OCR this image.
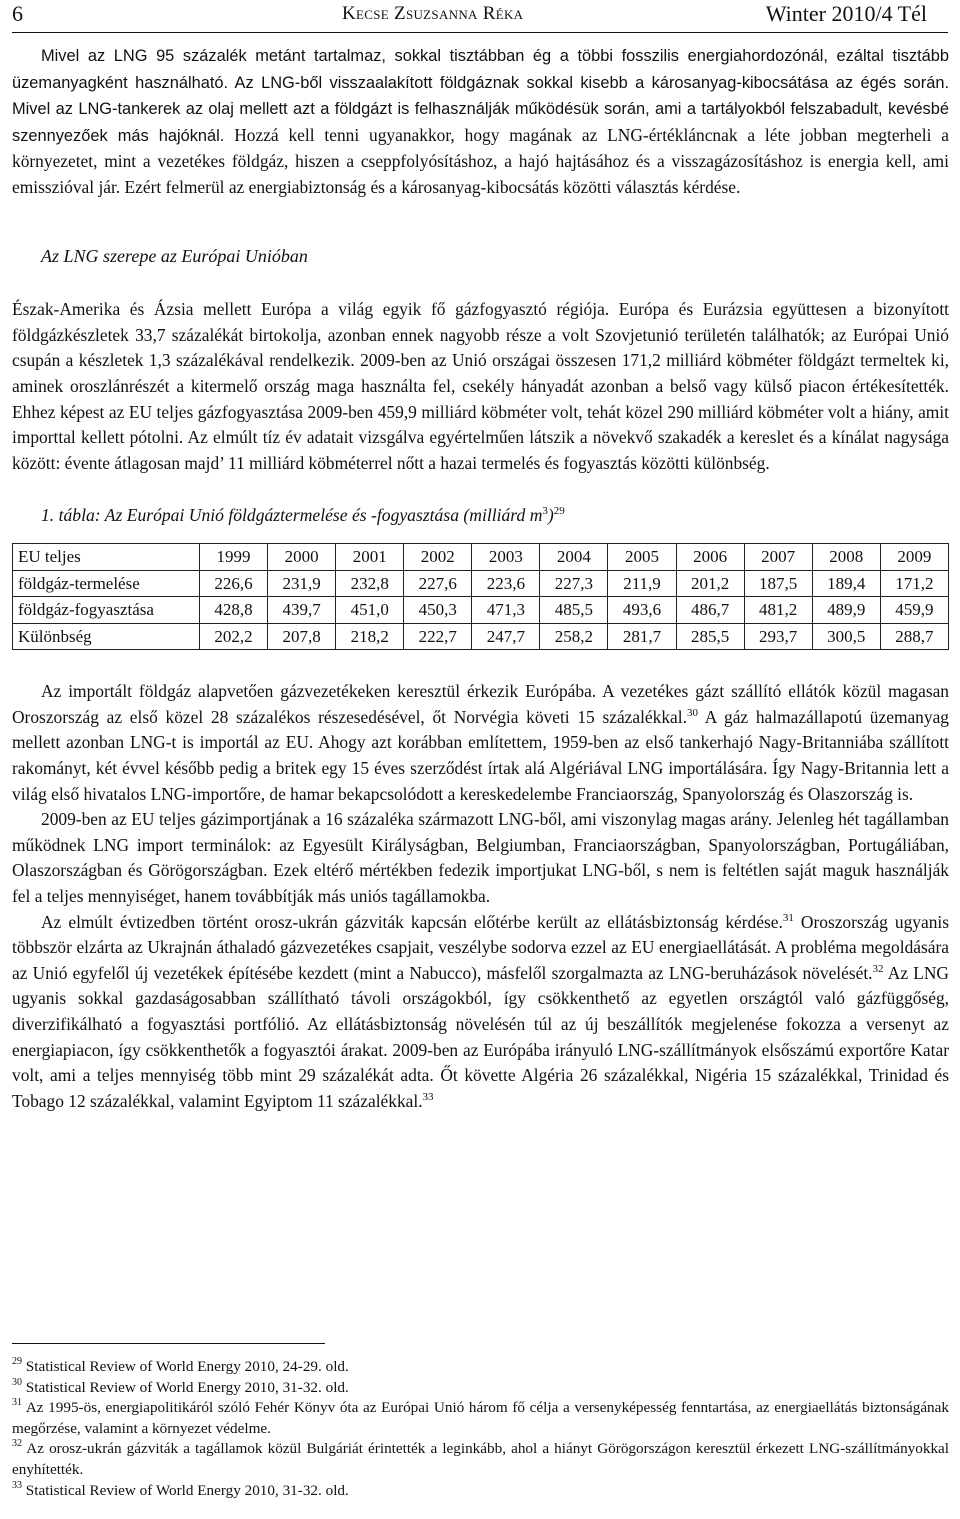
6	Kecse Zsuzsanna Réka	Winter 2010/4 Tél

Mivel az LNG 95 százalék metánt tartalmaz, sokkal tisztábban ég a többi fosszilis energiahordozónál, ezáltal tisztább üzemanyagként használható. Az LNG-ből visszaalakított földgáznak sokkal kisebb a károsanyag-kibocsátása az égés során. Mivel az LNG-tankerek az olaj mellett azt a földgázt is felhasználják működésük során, ami a tartályokból felszabadult, kevésbé szennyezőek más hajóknál. Hozzá kell tenni ugyanakkor, hogy magának az LNG-értékláncnak a léte jobban megterheli a környezetet, mint a vezetékes földgáz, hiszen a cseppfolyósításhoz, a hajó hajtásához és a visszagázosításhoz is energia kell, ami emisszióval jár. Ezért felmerül az energiabiztonság és a károsanyag-kibocsátás közötti választás kérdése.

Az LNG szerepe az Európai Unióban

Észak-Amerika és Ázsia mellett Európa a világ egyik fő gázfogyasztó régiója. Európa és Eurázsia együttesen a bizonyított földgázkészletek 33,7 százalékát birtokolja, azonban ennek nagyobb része a volt Szovjetunió területén találhatók; az Európai Unió csupán a készletek 1,3 százalékával rendelkezik. 2009-ben az Unió országai összesen 171,2 milliárd köbméter földgázt termeltek ki, aminek oroszlánrészét a kitermelő ország maga használta fel, csekély hányadát azonban a belső vagy külső piacon értékesítették. Ehhez képest az EU teljes gázfogyasztása 2009-ben 459,9 milliárd köbméter volt, tehát közel 290 milliárd köbméter volt a hiány, amit importtal kellett pótolni. Az elmúlt tíz év adatait vizsgálva egyértelműen látszik a növekvő szakadék a kereslet és a kínálat nagysága között: évente átlagosan majd’ 11 milliárd köbméterrel nőtt a hazai termelés és fogyasztás közötti különbség.

1. tábla: Az Európai Unió földgáztermelése és -fogyasztása (milliárd $m^3)^{29}$
EU teljes	1999	2000	2001	2002	2003	2004	2005	2006	2007	2008	2009
földgáz-termelése	226,6	231,9	232,8	227,6	223,6	227,3	211,9	201,2	187,5	189,4	171,2
földgáz-fogyasztása	428,8	439,7	451,0	450,3	471,3	485,5	493,6	486,7	481,2	489,9	459,9
Különbség	202,2	207,8	218,2	222,7	247,7	258,2	281,7	285,5	293,7	300,5	288,7

Az importált földgáz alapvetően gázvezetékeken keresztül érkezik Európába. A vezetékes gázt szállító ellátók közül magasan Oroszország az első közel 28 százalékos részesedésével, őt Norvégia követi 15 százalékkal.$^{30}$ A gáz halmazállapotú üzemanyag mellett azonban LNG-t is importál az EU. Ahogy azt korábban említettem, 1959-ben az első tankerhajó Nagy-Britanniába szállított rakományt, két évvel később pedig a britek egy 15 éves szerződést írtak alá Algériával LNG importálására. Így Nagy-Britannia lett a világ első hivatalos LNG-importőre, de hamar bekapcsolódott a kereskedelembe Franciaország, Spanyolország és Olaszország is.

2009-ben az EU teljes gázimportjának a 16 százaléka származott LNG-ből, ami viszonylag magas arány. Jelenleg hét tagállamban működnek LNG import terminálok: az Egyesült Királyságban, Belgiumban, Franciaországban, Spanyolországban, Portugáliában, Olaszországban és Görögországban. Ezek eltérő mértékben fedezik importjukat LNG-ből, s nem is feltétlen saját maguk használják fel a teljes mennyiséget, hanem továbbítják más uniós tagállamokba.

Az elmúlt évtizedben történt orosz-ukrán gázviták kapcsán előtérbe került az ellátásbiztonság kérdése.$^{31}$ Oroszország ugyanis többször elzárta az Ukrajnán áthaladó gázvezetékes csapjait, veszélybe sodorva ezzel az EU energiaellátását. A probléma megoldására az Unió egyfelől új vezetékek építésébe kezdett (mint a Nabucco), másfelől szorgalmazta az LNG-beruházások növelését.$^{32}$ Az LNG ugyanis sokkal gazdaságosabban szállítható távoli országokból, így csökkenthető az egyetlen országtól való gázfüggőség, diverzifikálható a fogyasztási portfólió. Az ellátásbiztonság növelésén túl az új beszállítók megjelenése fokozza a versenyt az energiapiacon, így csökkenthetők a fogyasztói árakat. 2009-ben az Európába irányuló LNG-szállítmányok elsőszámú exportőre Katar volt, ami a teljes mennyiség több mint 29 százalékát adta. Őt követte Algéria 26 százalékkal, Nigéria 15 százalékkal, Trinidad és Tobago 12 százalékkal, valamint Egyiptom 11 százalékkal.$^{33}$

$^{29}$ Statistical Review of World Energy 2010, 24-29. old.

$^{30}$ Statistical Review of World Energy 2010, 31-32. old.

$^{31}$ Az 1995-ös, energiapolitikáról szóló Fehér Könyv óta az Európai Unió három fő célja a versenyképesség fenntartása, az energiaellátás biztonságának megőrzése, valamint a környezet védelme.

$^{32}$ Az orosz-ukrán gázviták a tagállamok közül Bulgáriát érintették a leginkább, ahol a hiányt Görögországon keresztül érkezett LNG-szállítmányokkal enyhítették.

$^{33}$ Statistical Review of World Energy 2010, 31-32. old.
